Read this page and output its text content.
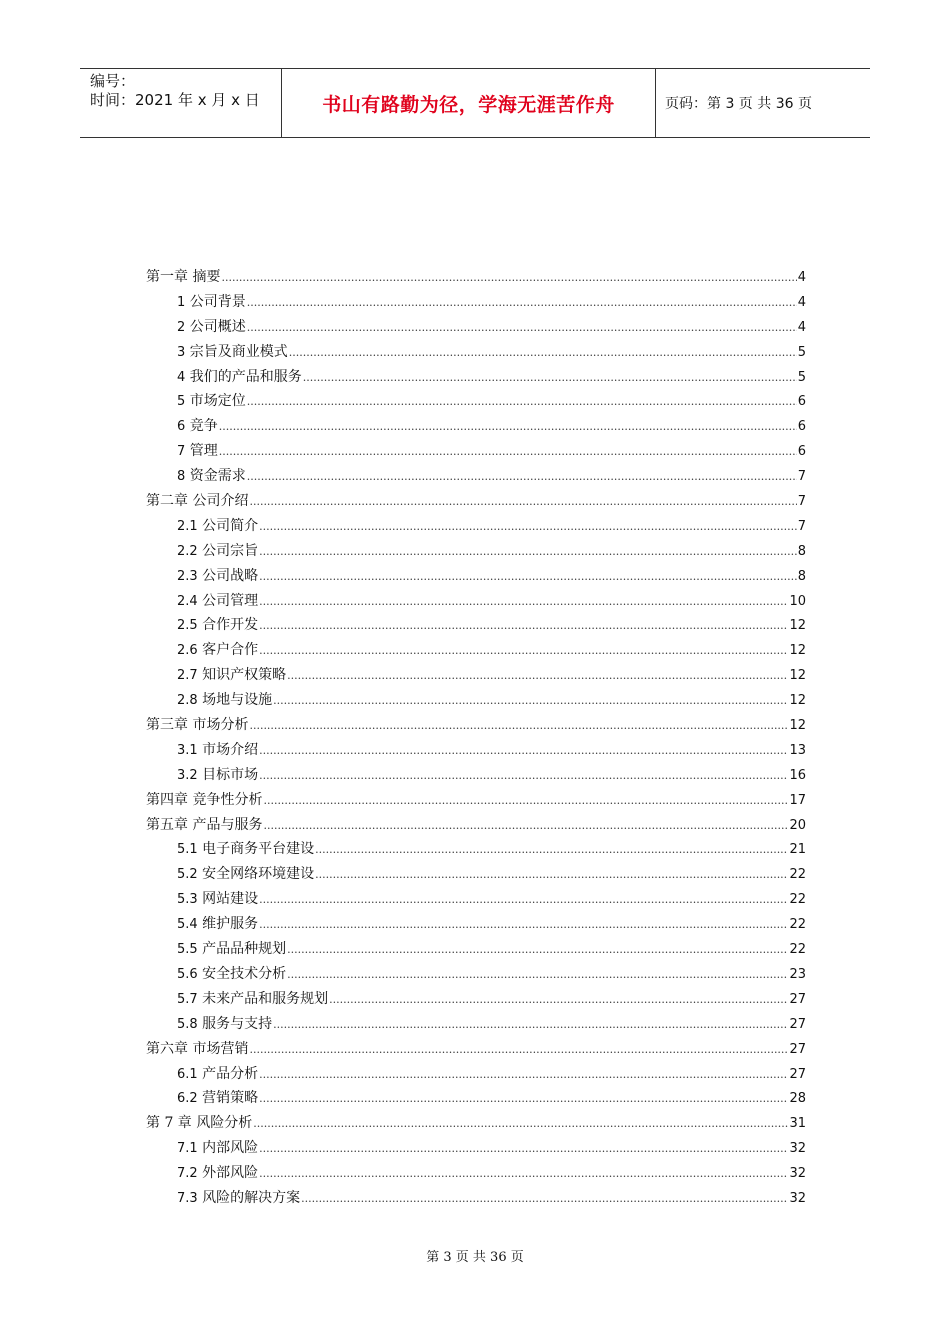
编号：
时间：2021 年 x 月 x 日	书山有路勤为径，学海无涯苦作舟	页码：第 3 页 共 36 页
第一章 摘要 .....	4
1 公司背景 .....	4
2 公司概述 .....	4
3 宗旨及商业模式 .....	5
4 我们的产品和服务 .....	5
5 市场定位 .....	6
6 竞争 .....	6
7 管理 .....	6
8 资金需求 .....	7
第二章 公司介绍 .....	7
2.1 公司简介 .....	7
2.2 公司宗旨 .....	8
2.3 公司战略 .....	8
2.4 公司管理 .....	10
2.5 合作开发 .....	12
2.6 客户合作 .....	12
2.7 知识产权策略 .....	12
2.8 场地与设施 .....	12
第三章 市场分析 .....	12
3.1 市场介绍 .....	13
3.2 目标市场 .....	16
第四章 竞争性分析 .....	17
第五章 产品与服务 .....	20
5.1 电子商务平台建设 .....	21
5.2 安全网络环境建设 .....	22
5.3 网站建设 .....	22
5.4 维护服务 .....	22
5.5 产品品种规划 .....	22
5.6 安全技术分析 .....	23
5.7 未来产品和服务规划 .....	27
5.8 服务与支持 .....	27
第六章 市场营销 .....	27
6.1 产品分析 .....	27
6.2 营销策略 .....	28
第 7 章 风险分析 .....	31
7.1 内部风险 .....	32
7.2 外部风险 .....	32
7.3 风险的解决方案 .....	32
第 3 页 共 36 页
